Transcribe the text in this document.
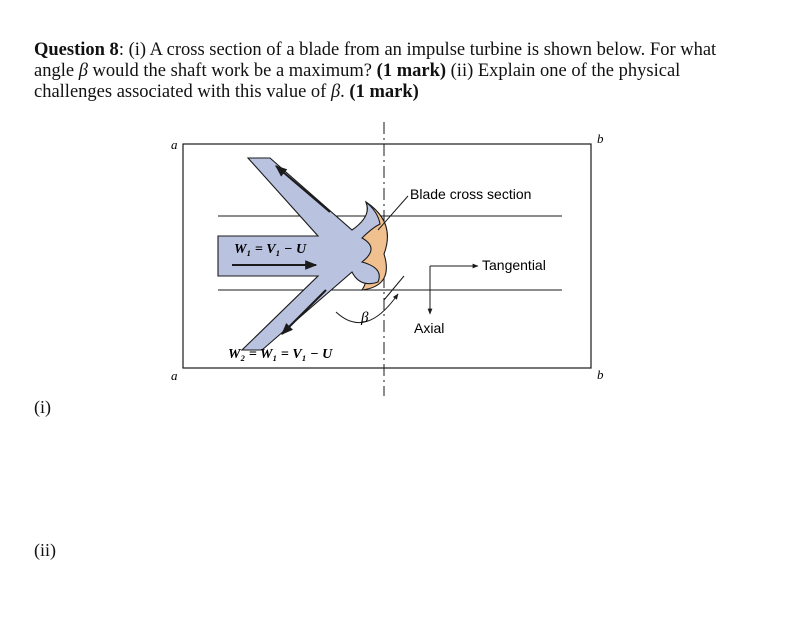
Question 8: (i) A cross section of a blade from an impulse turbine is shown below. For what angle β would the shaft work be a maximum? (1 mark) (ii) Explain one of the physical challenges associated with this value of β. (1 mark)
a
a
b
b
Blade cross section
Tangential
Axial
W₁ = V₁ − U
W₂ = W₁ = V₁ − U
β
(i)
(ii)
